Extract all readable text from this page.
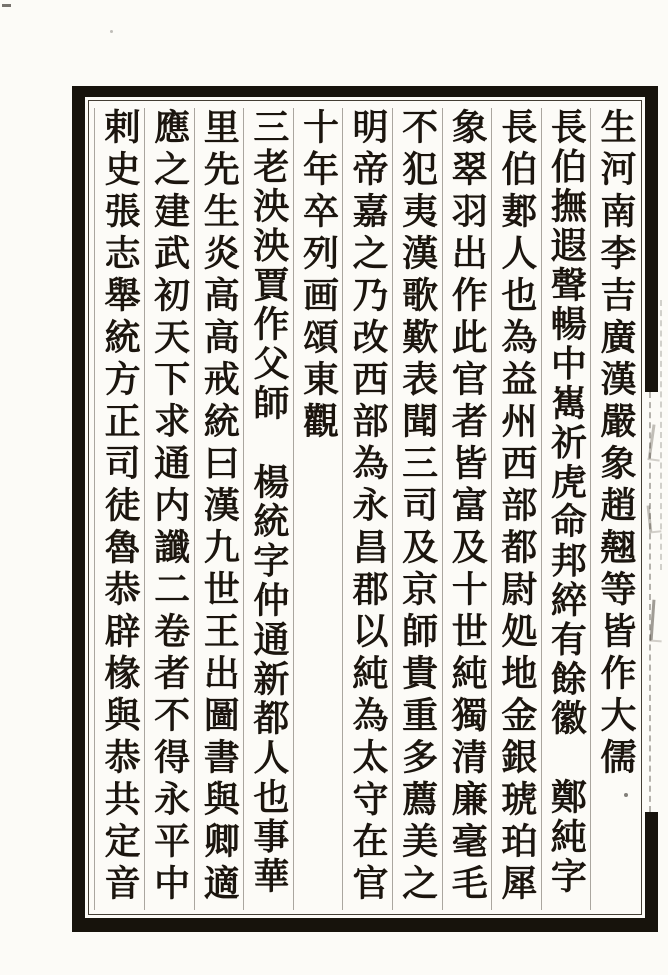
生河南李吉廣漢嚴象趙翹等皆作大儒
長伯撫遐聲暢中嶲祈虎命邦綷有餘徽　鄭純字
長伯郪人也為益州西部都尉処地金銀琥珀犀
象翠羽出作此官者皆富及十世純獨清廉毫毛
不犯夷漢歌歎表聞三司及京師貴重多薦美之
明帝嘉之乃改西部為永昌郡以純為太守在官
十年卒列画頌東觀
三老泱泱賈作父師　楊統字仲通新都人也事華
里先生炎高高戒統曰漢九世王出圖書與卿適
應之建武初天下求通内讖二卷者不得永平中
剌史張志舉統方正司徒魯恭辟椽與恭共定音
